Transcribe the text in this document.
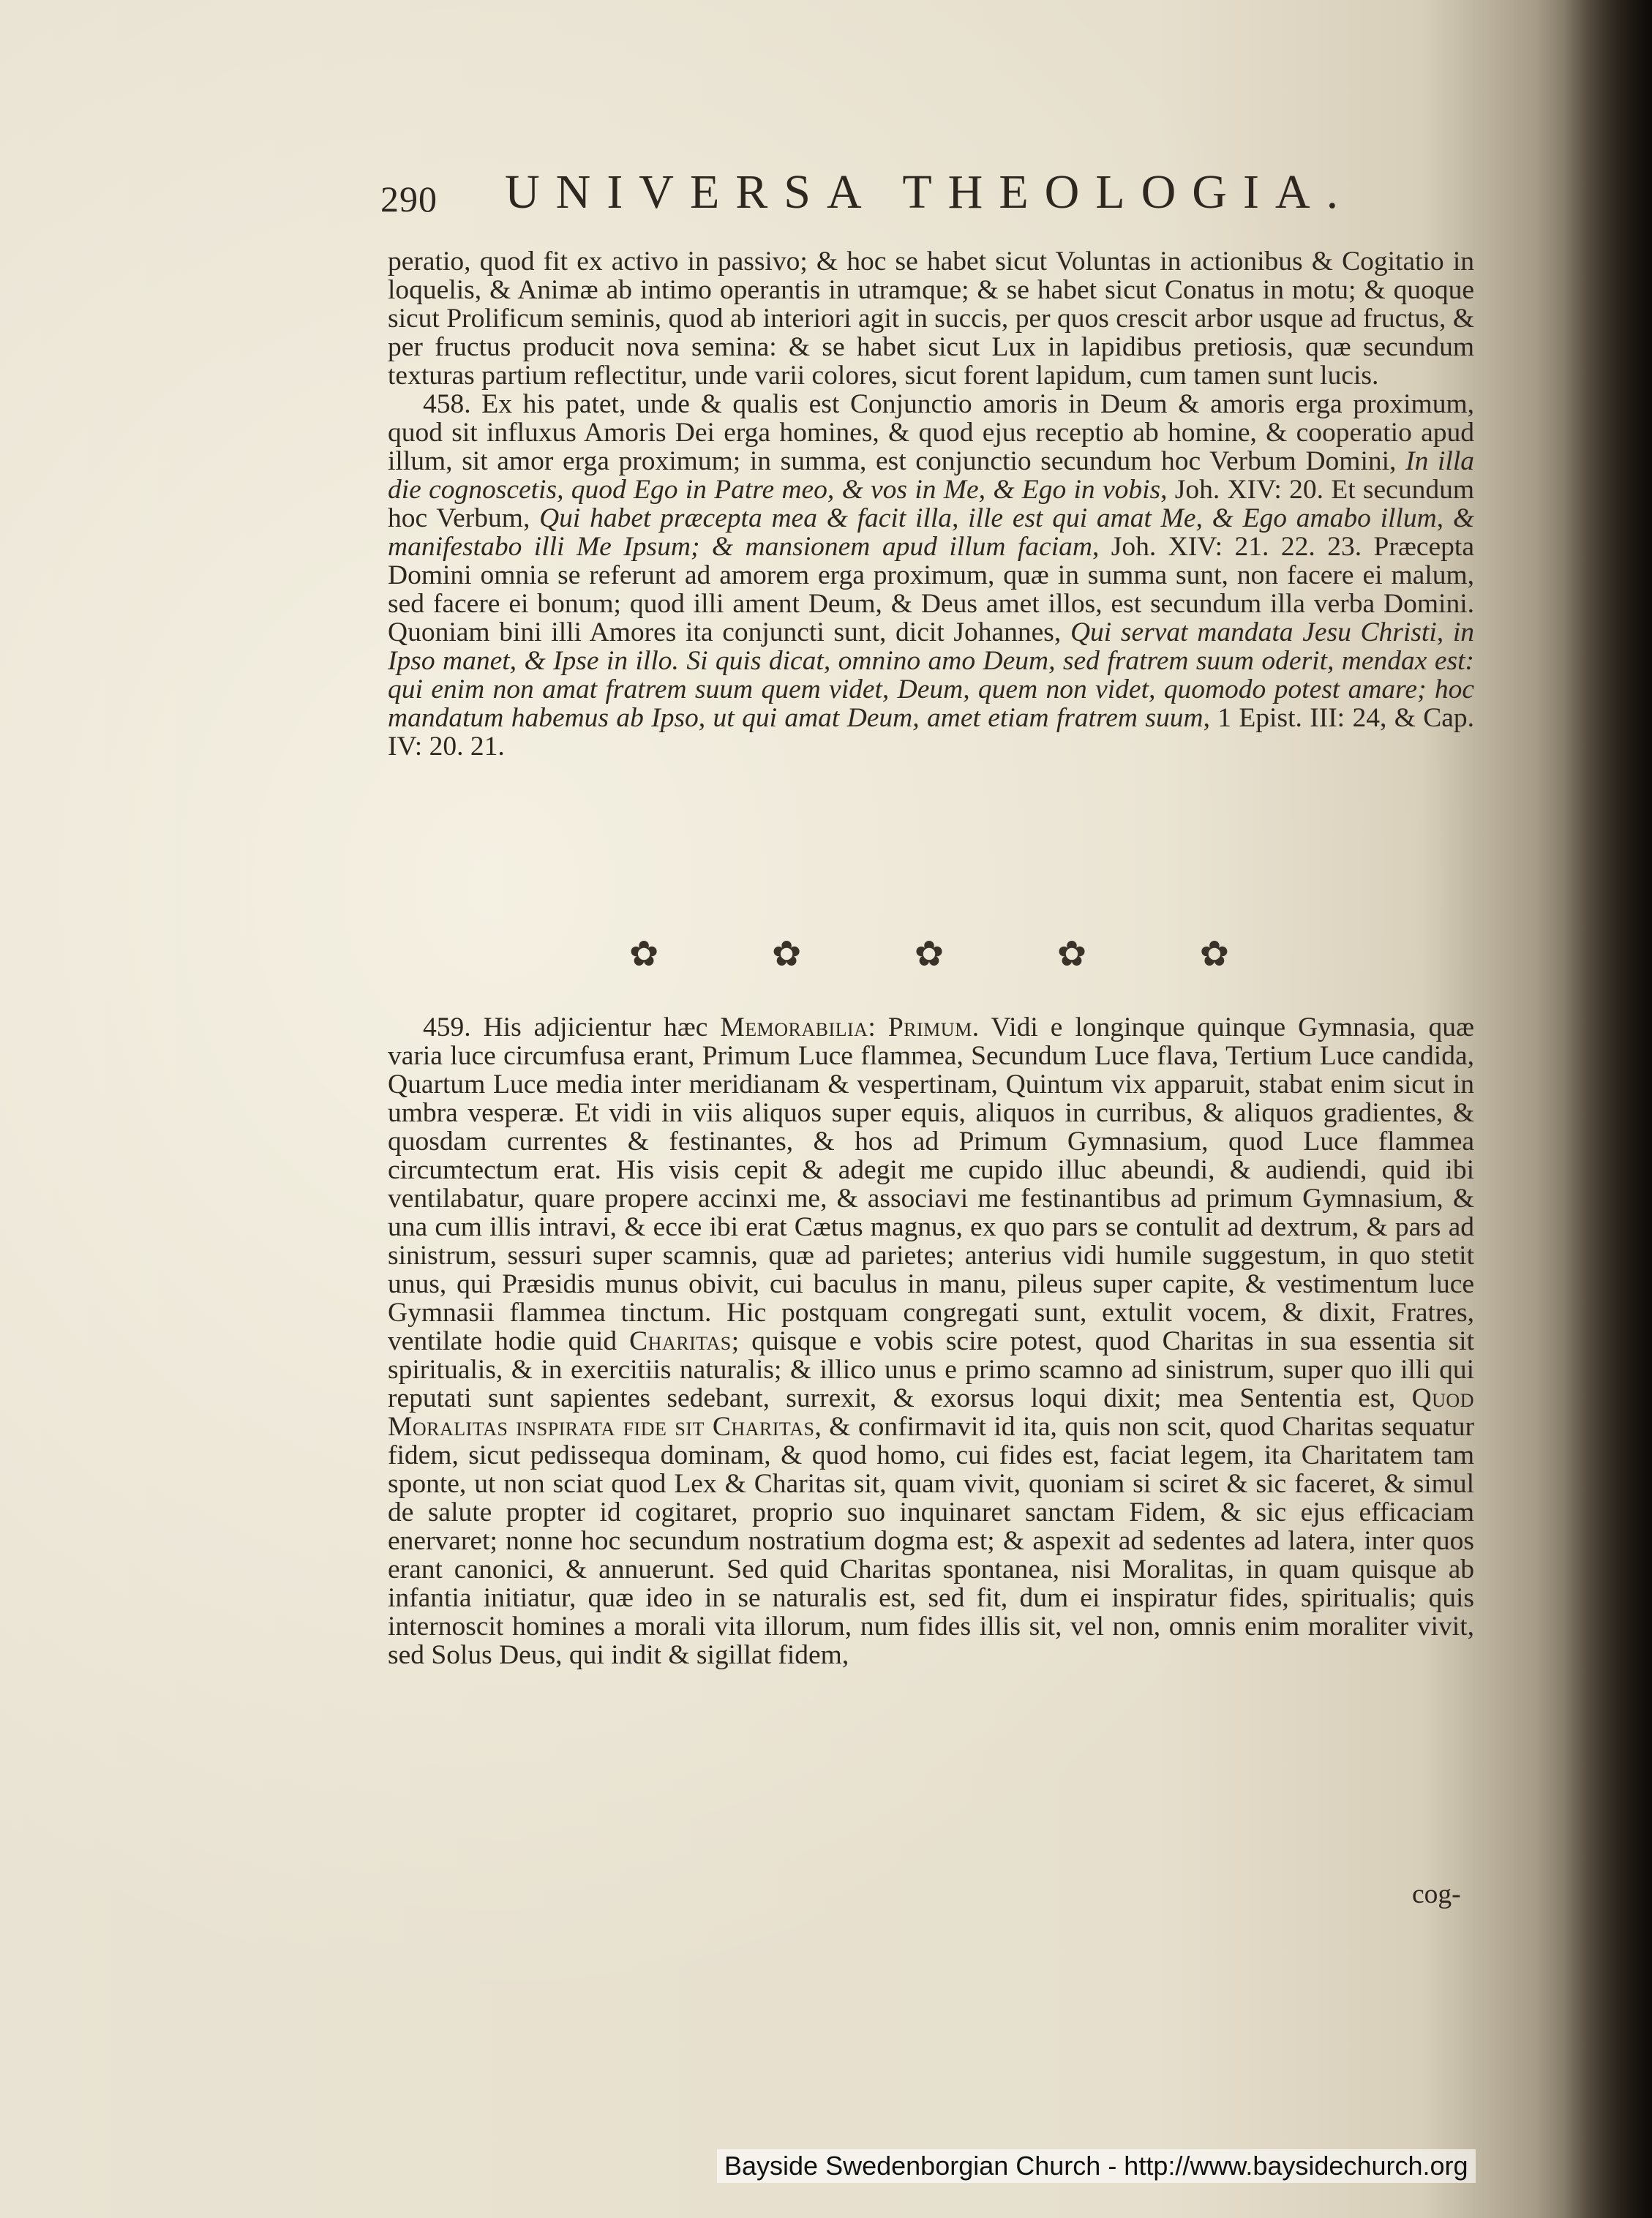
290 UNIVERSA THEOLOGIA.

peratio, quod fit ex activo in passivo; & hoc se habet sicut Voluntas in actionibus & Cogitatio in loquelis, & Animæ ab intimo operantis in utramque; & se habet sicut Conatus in motu; & quoque sicut Prolificum seminis, quod ab interiori agit in succis, per quos crescit arbor usque ad fructus, & per fructus producit nova semina: & se habet sicut Lux in lapidibus pretiosis, quæ secundum texturas partium reflectitur, unde varii colores, sicut forent lapidum, cum tamen sunt lucis.

458. Ex his patet, unde & qualis est Conjunctio amoris in Deum & amoris erga proximum, quod sit influxus Amoris Dei erga homines, & quod ejus receptio ab homine, & cooperatio apud illum, sit amor erga proximum; in summa, est conjunctio secundum hoc Verbum Domini, In illa die cognoscetis, quod Ego in Patre meo, & vos in Me, & Ego in vobis, Joh. XIV: 20. Et secundum hoc Verbum, Qui habet præcepta mea & facit illa, ille est qui amat Me, & Ego amabo illum, & manifestabo illi Me Ipsum; & mansionem apud illum faciam, Joh. XIV: 21. 22. 23. Præcepta Domini omnia se referunt ad amorem erga proximum, quæ in summa sunt, non facere ei malum, sed facere ei bonum; quod illi ament Deum, & Deus amet illos, est secundum illa verba Domini. Quoniam bini illi Amores ita conjuncti sunt, dicit Johannes, Qui servat mandata Jesu Christi, in Ipso manet, & Ipse in illo. Si quis dicat, omnino amo Deum, sed fratrem suum oderit, mendax est: qui enim non amat fratrem suum quem videt, Deum, quem non videt, quomodo potest amare; hoc mandatum habemus ab Ipso, ut qui amat Deum, amet etiam fratrem suum, 1 Epist. III: 24, & Cap. IV: 20. 21.

✿	✿	✿	✿	✿

459. His adjicientur hæc Memorabilia: Primum. Vidi e longinque quinque Gymnasia, quæ varia luce circumfusa erant, Primum Luce flammea, Secundum Luce flava, Tertium Luce candida, Quartum Luce media inter meridianam & vespertinam, Quintum vix apparuit, stabat enim sicut in umbra vesperæ. Et vidi in viis aliquos super equis, aliquos in curribus, & aliquos gradientes, & quosdam currentes & festinantes, & hos ad Primum Gymnasium, quod Luce flammea circumtectum erat. His visis cepit & adegit me cupido illuc abeundi, & audiendi, quid ibi ventilabatur, quare propere accinxi me, & associavi me festinantibus ad primum Gymnasium, & una cum illis intravi, & ecce ibi erat Cætus magnus, ex quo pars se contulit ad dextrum, & pars ad sinistrum, sessuri super scamnis, quæ ad parietes; anterius vidi humile suggestum, in quo stetit unus, qui Præsidis munus obivit, cui baculus in manu, pileus super capite, & vestimentum luce Gymnasii flammea tinctum. Hic postquam congregati sunt, extulit vocem, & dixit, Fratres, ventilate hodie quid Charitas; quisque e vobis scire potest, quod Charitas in sua essentia sit spiritualis, & in exercitiis naturalis; & illico unus e primo scamno ad sinistrum, super quo illi qui reputati sunt sapientes sedebant, surrexit, & exorsus loqui dixit; mea Sententia est, Quod Moralitas inspirata fide sit Charitas, & confirmavit id ita, quis non scit, quod Charitas sequatur fidem, sicut pedissequa dominam, & quod homo, cui fides est, faciat legem, ita Charitatem tam sponte, ut non sciat quod Lex & Charitas sit, quam vivit, quoniam si sciret & sic faceret, & simul de salute propter id cogitaret, proprio suo inquinaret sanctam Fidem, & sic ejus efficaciam enervaret; nonne hoc secundum nostratium dogma est; & aspexit ad sedentes ad latera, inter quos erant canonici, & annuerunt. Sed quid Charitas spontanea, nisi Moralitas, in quam quisque ab infantia initiatur, quæ ideo in se naturalis est, sed fit, dum ei inspiratur fides, spiritualis; quis internoscit homines a morali vita illorum, num fides illis sit, vel non, omnis enim moraliter vivit, sed Solus Deus, qui indit & sigillat fidem,

cog-
Bayside Swedenborgian Church - http://www.baysidechurch.org
